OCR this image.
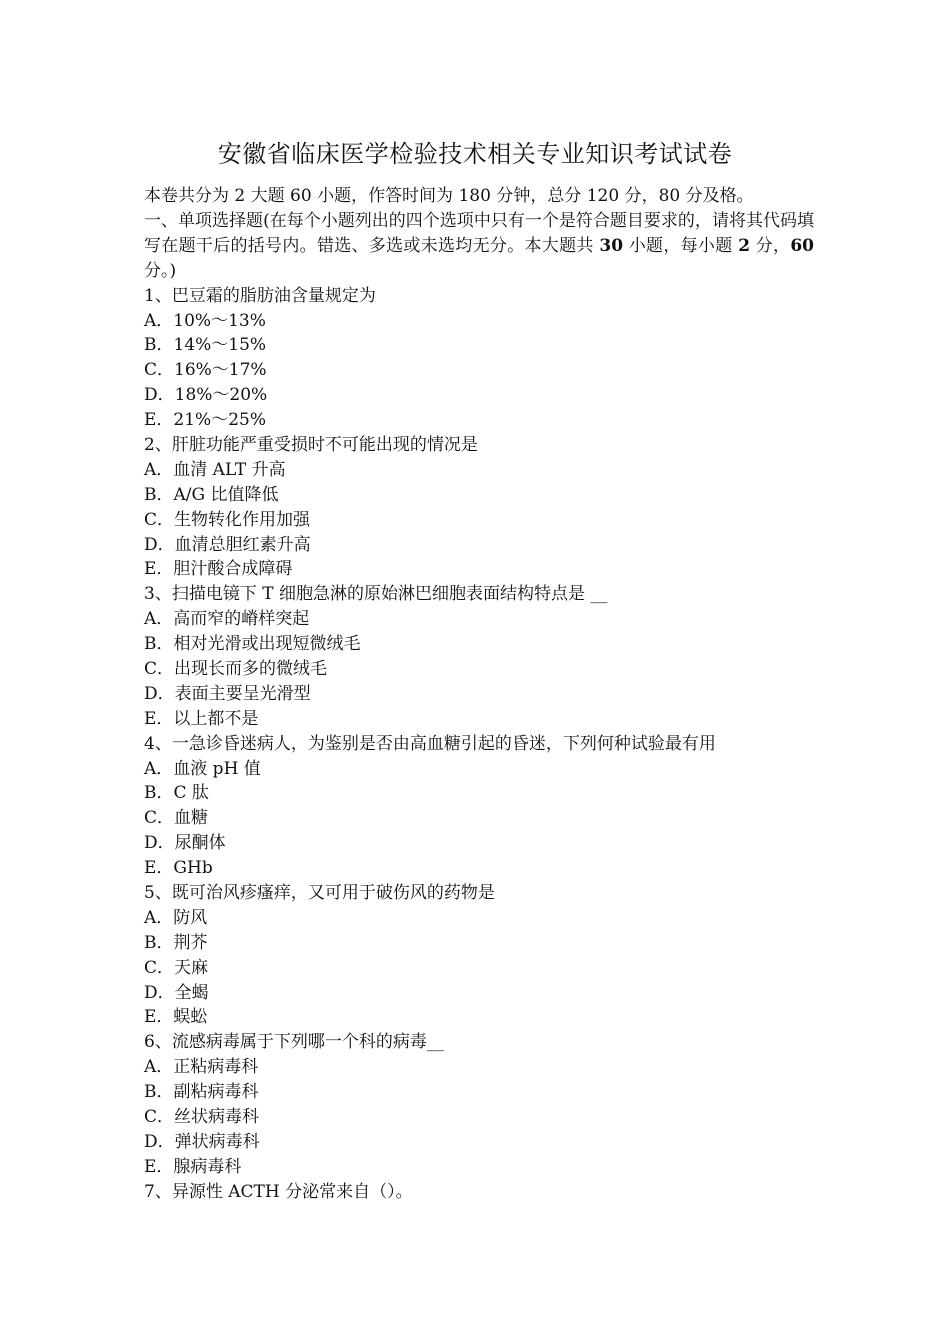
安徽省临床医学检验技术相关专业知识考试试卷
本卷共分为 2 大题 60 小题，作答时间为 180 分钟，总分 120 分，80 分及格。
一、单项选择题(在每个小题列出的四个选项中只有一个是符合题目要求的，请将其代码填写在题干后的括号内。错选、多选或未选均无分。本大题共 30 小题，每小题 2 分，60 分。)
1、巴豆霜的脂肪油含量规定为
A．10%～13%
B．14%～15%
C．16%～17%
D．18%～20%
E．21%～25%
2、肝脏功能严重受损时不可能出现的情况是
A．血清 ALT 升高
B．A/G 比值降低
C．生物转化作用加强
D．血清总胆红素升高
E．胆汁酸合成障碍
3、扫描电镜下 T 细胞急淋的原始淋巴细胞表面结构特点是 __
A．高而窄的嵴样突起
B．相对光滑或出现短微绒毛
C．出现长而多的微绒毛
D．表面主要呈光滑型
E．以上都不是
4、一急诊昏迷病人，为鉴别是否由高血糖引起的昏迷，下列何种试验最有用
A．血液 pH 值
B．C 肽
C．血糖
D．尿酮体
E．GHb
5、既可治风疹瘙痒，又可用于破伤风的药物是
A．防风
B．荆芥
C．天麻
D．全蝎
E．蜈蚣
6、流感病毒属于下列哪一个科的病毒__
A．正粘病毒科
B．副粘病毒科
C．丝状病毒科
D．弹状病毒科
E．腺病毒科
7、异源性 ACTH 分泌常来自（）。
